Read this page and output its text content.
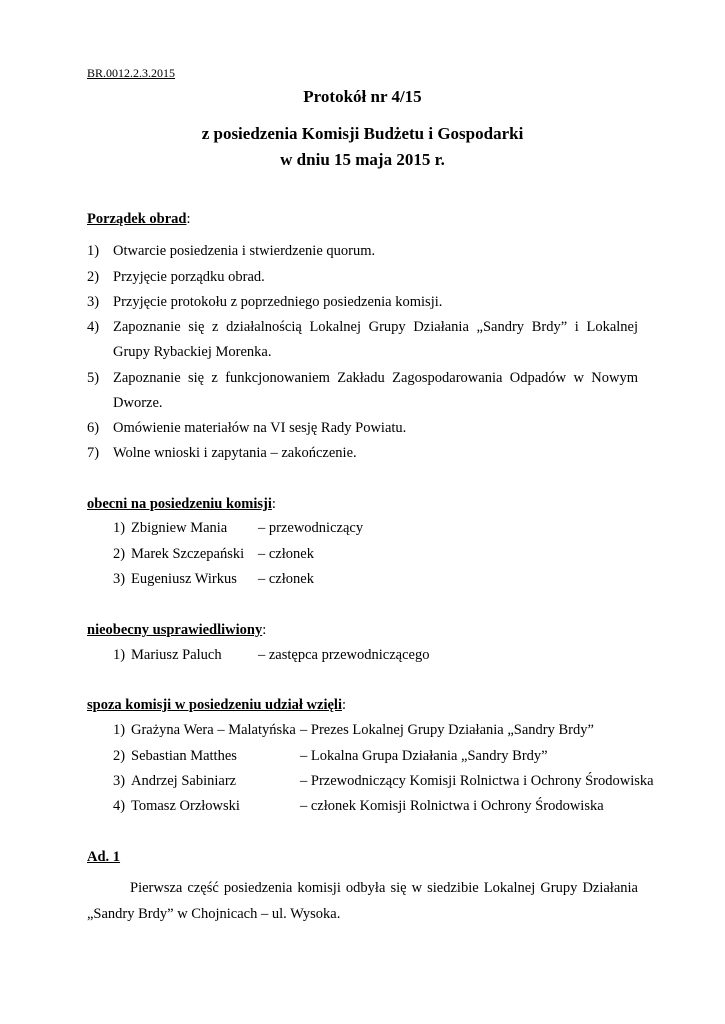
BR.0012.2.3.2015
Protokół nr 4/15
z posiedzenia Komisji Budżetu i Gospodarki
w dniu 15 maja 2015 r.
Porządek obrad:
1) Otwarcie posiedzenia i stwierdzenie quorum.
2) Przyjęcie porządku obrad.
3) Przyjęcie protokołu z poprzedniego posiedzenia komisji.
4) Zapoznanie się z działalnością Lokalnej Grupy Działania „Sandry Brdy” i Lokalnej
Grupy Rybackiej Morenka.
5) Zapoznanie się z funkcjonowaniem Zakładu Zagospodarowania Odpadów w Nowym
Dworze.
6) Omówienie materiałów na VI sesję Rady Powiatu.
7) Wolne wnioski i zapytania – zakończenie.
obecni na posiedzeniu komisji:
1) Zbigniew Mania	– przewodniczący
2) Marek Szczepański – członek
3) Eugeniusz Wirkus	– członek
nieobecny usprawiedliwiony:
1) Mariusz Paluch	– zastępca przewodniczącego
spoza komisji w posiedzeniu udział wzięli:
1) Grażyna Wera – Malatyńska – Prezes Lokalnej Grupy Działania „Sandry Brdy”
2) Sebastian Matthes	– Lokalna Grupa Działania „Sandry Brdy”
3) Andrzej Sabiniarz	– Przewodniczący Komisji Rolnictwa i Ochrony Środowiska
4) Tomasz Orzłowski	– członek Komisji Rolnictwa i Ochrony Środowiska
Ad. 1
Pierwsza część posiedzenia komisji odbyła się w siedzibie Lokalnej Grupy Działania
„Sandry Brdy” w Chojnicach – ul. Wysoka.
